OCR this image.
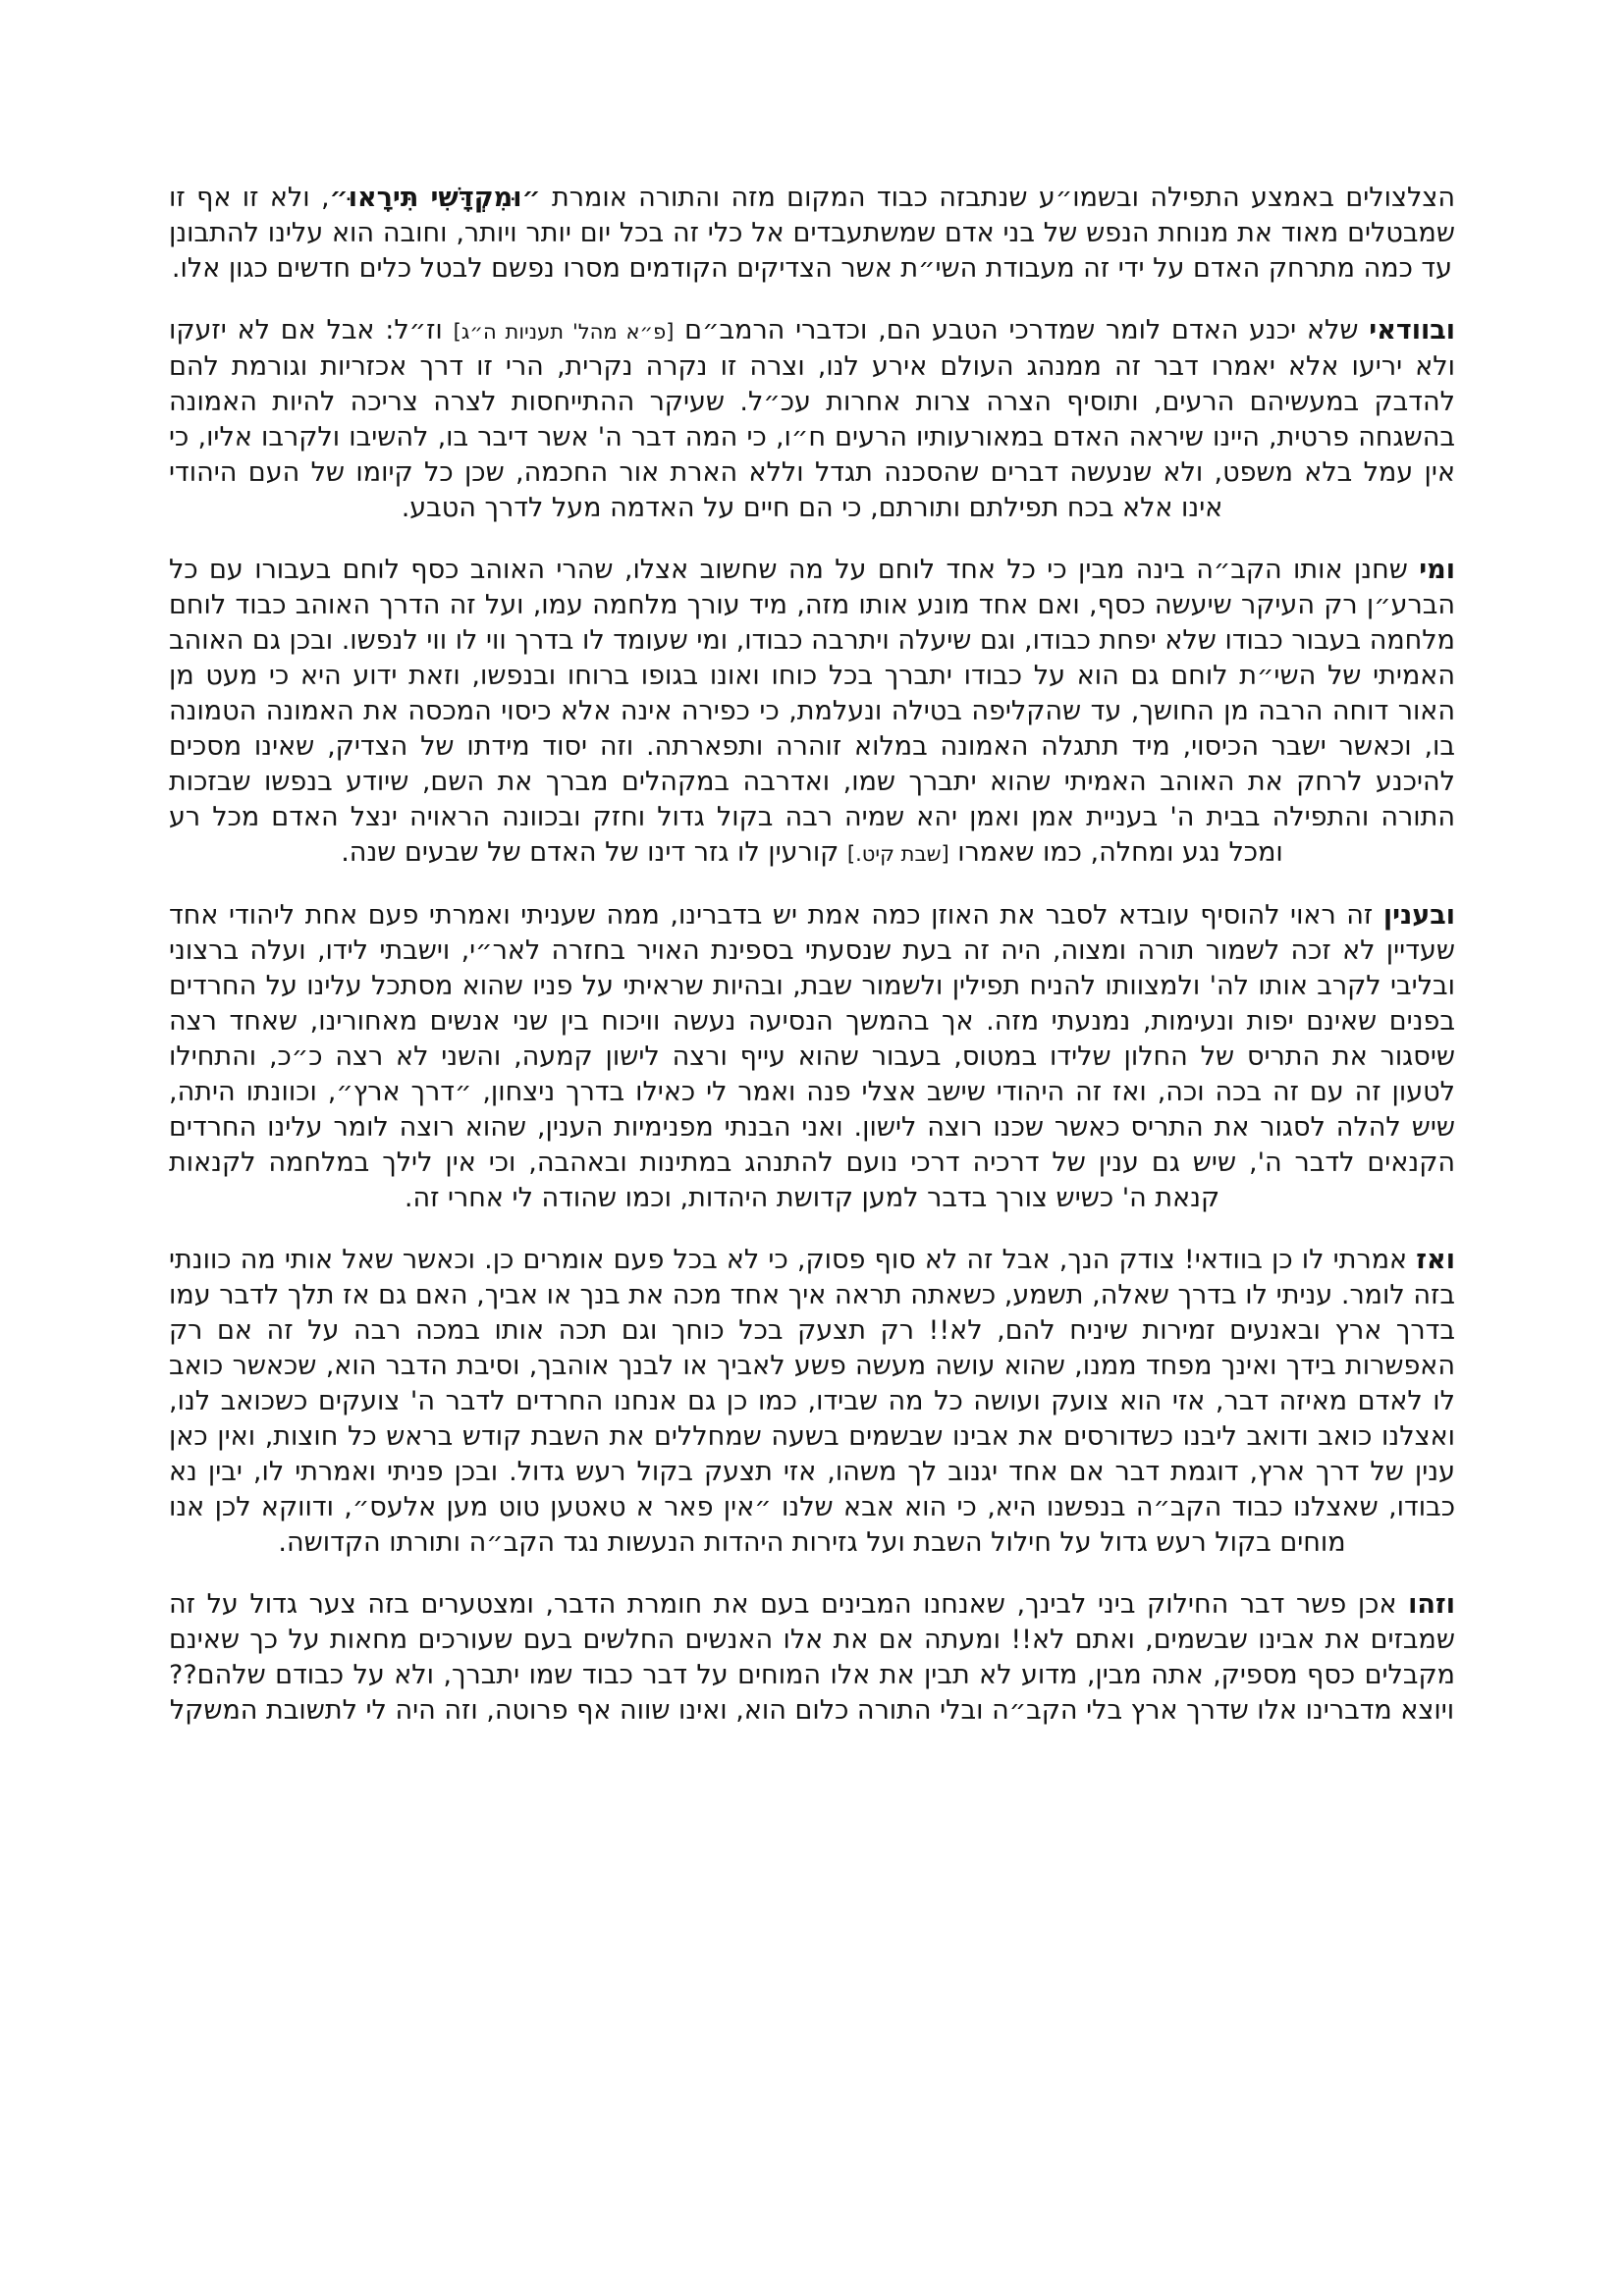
הצלצולים באמצע התפילה ובשמו״ע שנתבזה כבוד המקום מזה והתורה אומרת ״וּמִקְדָּשִׁי תִּירָאוּ״, ולא זו אף זו שמבטלים מאוד את מנוחת הנפש של בני אדם שמשתעבדים אל כלי זה בכל יום יותר ויותר, וחובה הוא עלינו להתבונן עד כמה מתרחק האדם על ידי זה מעבודת השי״ת אשר הצדיקים הקודמים מסרו נפשם לבטל כלים חדשים כגון אלו.

ובוודאי שלא יכנע האדם לומר שמדרכי הטבע הם, וכדברי הרמב״ם [פ״א מהל' תעניות ה״ג] וז״ל: אבל אם לא יזעקו ולא יריעו אלא יאמרו דבר זה ממנהג העולם אירע לנו, וצרה זו נקרה נקרית, הרי זו דרך אכזריות וגורמת להם להדבק במעשיהם הרעים, ותוסיף הצרה צרות אחרות עכ״ל. שעיקר ההתייחסות לצרה צריכה להיות האמונה בהשגחה פרטית, היינו שיראה האדם במאורעותיו הרעים ח״ו, כי המה דבר ה' אשר דיבר בו, להשיבו ולקרבו אליו, כי אין עמל בלא משפט, ולא שנעשה דברים שהסכנה תגדל וללא הארת אור החכמה, שכן כל קיומו של העם היהודי אינו אלא בכח תפילתם ותורתם, כי הם חיים על האדמה מעל לדרך הטבע.

ומי שחנן אותו הקב״ה בינה מבין כי כל אחד לוחם על מה שחשוב אצלו, שהרי האוהב כסף לוחם בעבורו עם כל הברע״ן רק העיקר שיעשה כסף, ואם אחד מונע אותו מזה, מיד עורך מלחמה עמו, ועל זה הדרך האוהב כבוד לוחם מלחמה בעבור כבודו שלא יפחת כבודו, וגם שיעלה ויתרבה כבודו, ומי שעומד לו בדרך ווי לו ווי לנפשו. ובכן גם האוהב האמיתי של השי״ת לוחם גם הוא על כבודו יתברך בכל כוחו ואונו בגופו ברוחו ובנפשו, וזאת ידוע היא כי מעט מן האור דוחה הרבה מן החושך, עד שהקליפה בטילה ונעלמת, כי כפירה אינה אלא כיסוי המכסה את האמונה הטמונה בו, וכאשר ישבר הכיסוי, מיד תתגלה האמונה במלוא זוהרה ותפארתה. וזה יסוד מידתו של הצדיק, שאינו מסכים להיכנע לרחק את האוהב האמיתי שהוא יתברך שמו, ואדרבה במקהלים מברך את השם, שיודע בנפשו שבזכות התורה והתפילה בבית ה' בעניית אמן ואמן יהא שמיה רבה בקול גדול וחזק ובכוונה הראויה ינצל האדם מכל רע ומכל נגע ומחלה, כמו שאמרו [שבת קיט.] קורעין לו גזר דינו של האדם של שבעים שנה.

ובענין זה ראוי להוסיף עובדא לסבר את האוזן כמה אמת יש בדברינו, ממה שעניתי ואמרתי פעם אחת ליהודי אחד שעדיין לא זכה לשמור תורה ומצוה, היה זה בעת שנסעתי בספינת האויר בחזרה לאר״י, וישבתי לידו, ועלה ברצוני ובליבי לקרב אותו לה' ולמצוותו להניח תפילין ולשמור שבת, ובהיות שראיתי על פניו שהוא מסתכל עלינו על החרדים בפנים שאינם יפות ונעימות, נמנעתי מזה. אך בהמשך הנסיעה נעשה וויכוח בין שני אנשים מאחורינו, שאחד רצה שיסגור את התריס של החלון שלידו במטוס, בעבור שהוא עייף ורצה לישון קמעה, והשני לא רצה כ״כ, והתחילו לטעון זה עם זה בכה וכה, ואז זה היהודי שישב אצלי פנה ואמר לי כאילו בדרך ניצחון, ״דרך ארץ״, וכוונתו היתה, שיש להלה לסגור את התריס כאשר שכנו רוצה לישון. ואני הבנתי מפנימיות הענין, שהוא רוצה לומר עלינו החרדים הקנאים לדבר ה', שיש גם ענין של דרכיה דרכי נועם להתנהג במתינות ובאהבה, וכי אין לילך במלחמה לקנאות קנאת ה' כשיש צורך בדבר למען קדושת היהדות, וכמו שהודה לי אחרי זה.

ואז אמרתי לו כן בוודאי! צודק הנך, אבל זה לא סוף פסוק, כי לא בכל פעם אומרים כן. וכאשר שאל אותי מה כוונתי בזה לומר. עניתי לו בדרך שאלה, תשמע, כשאתה תראה איך אחד מכה את בנך או אביך, האם גם אז תלך לדבר עמו בדרך ארץ ובאנעים זמירות שיניח להם, לא!! רק תצעק בכל כוחך וגם תכה אותו במכה רבה על זה אם רק האפשרות בידך ואינך מפחד ממנו, שהוא עושה מעשה פשע לאביך או לבנך אוהבך, וסיבת הדבר הוא, שכאשר כואב לו לאדם מאיזה דבר, אזי הוא צועק ועושה כל מה שבידו, כמו כן גם אנחנו החרדים לדבר ה' צועקים כשכואב לנו, ואצלנו כואב ודואב ליבנו כשדורסים את אבינו שבשמים בשעה שמחללים את השבת קודש בראש כל חוצות, ואין כאן ענין של דרך ארץ, דוגמת דבר אם אחד יגנוב לך משהו, אזי תצעק בקול רעש גדול. ובכן פניתי ואמרתי לו, יבין נא כבודו, שאצלנו כבוד הקב״ה בנפשנו היא, כי הוא אבא שלנו ״אין פאר א טאטען טוט מען אלעס״, ודווקא לכן אנו מוחים בקול רעש גדול על חילול השבת ועל גזירות היהדות הנעשות נגד הקב״ה ותורתו הקדושה.

וזהו אכן פשר דבר החילוק ביני לבינך, שאנחנו המבינים בעם את חומרת הדבר, ומצטערים בזה צער גדול על זה שמבזים את אבינו שבשמים, ואתם לא!! ומעתה אם את אלו האנשים החלשים בעם שעורכים מחאות על כך שאינם מקבלים כסף מספיק, אתה מבין, מדוע לא תבין את אלו המוחים על דבר כבוד שמו יתברך, ולא על כבודם שלהם?? ויוצא מדברינו אלו שדרך ארץ בלי הקב״ה ובלי התורה כלום הוא, ואינו שווה אף פרוטה, וזה היה לי לתשובת המשקל
